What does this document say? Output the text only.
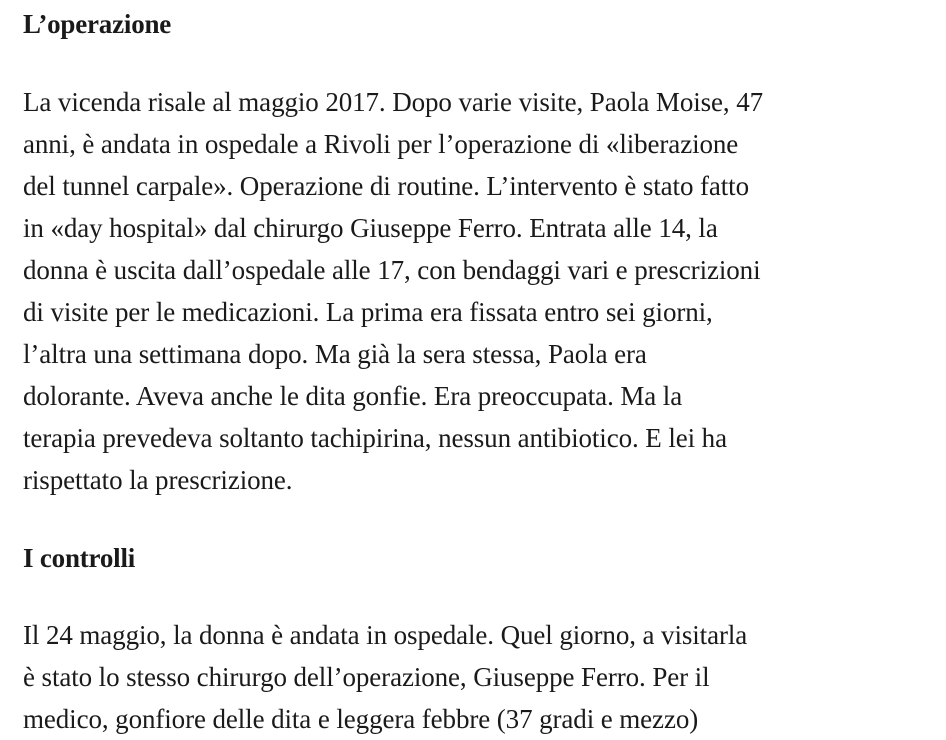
L’operazione

La vicenda risale al maggio 2017. Dopo varie visite, Paola Moise, 47
anni, è andata in ospedale a Rivoli per l’operazione di «liberazione
del tunnel carpale». Operazione di routine. L’intervento è stato fatto
in «day hospital» dal chirurgo Giuseppe Ferro. Entrata alle 14, la
donna è uscita dall’ospedale alle 17, con bendaggi vari e prescrizioni
di visite per le medicazioni. La prima era fissata entro sei giorni,
l’altra una settimana dopo. Ma già la sera stessa, Paola era
dolorante. Aveva anche le dita gonfie. Era preoccupata. Ma la
terapia prevedeva soltanto tachipirina, nessun antibiotico. E lei ha
rispettato la prescrizione.

I controlli

Il 24 maggio, la donna è andata in ospedale. Quel giorno, a visitarla
è stato lo stesso chirurgo dell’operazione, Giuseppe Ferro. Per il
medico, gonfiore delle dita e leggera febbre (37 gradi e mezzo)
